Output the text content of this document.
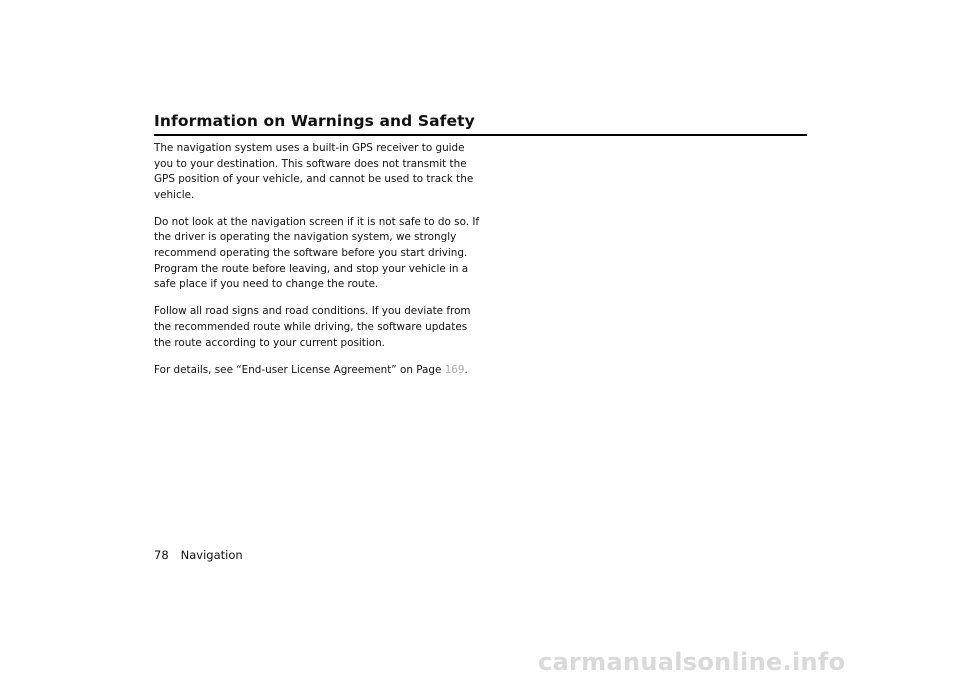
Information on Warnings and Safety

The navigation system uses a built-in GPS receiver to guide
you to your destination. This software does not transmit the
GPS position of your vehicle, and cannot be used to track the
vehicle.

Do not look at the navigation screen if it is not safe to do so. If
the driver is operating the navigation system, we strongly
recommend operating the software before you start driving.
Program the route before leaving, and stop your vehicle in a
safe place if you need to change the route.

Follow all road signs and road conditions. If you deviate from
the recommended route while driving, the software updates
the route according to your current position.

For details, see “End-user License Agreement” on Page 169.

78 Navigation
carmanualsonline.info
